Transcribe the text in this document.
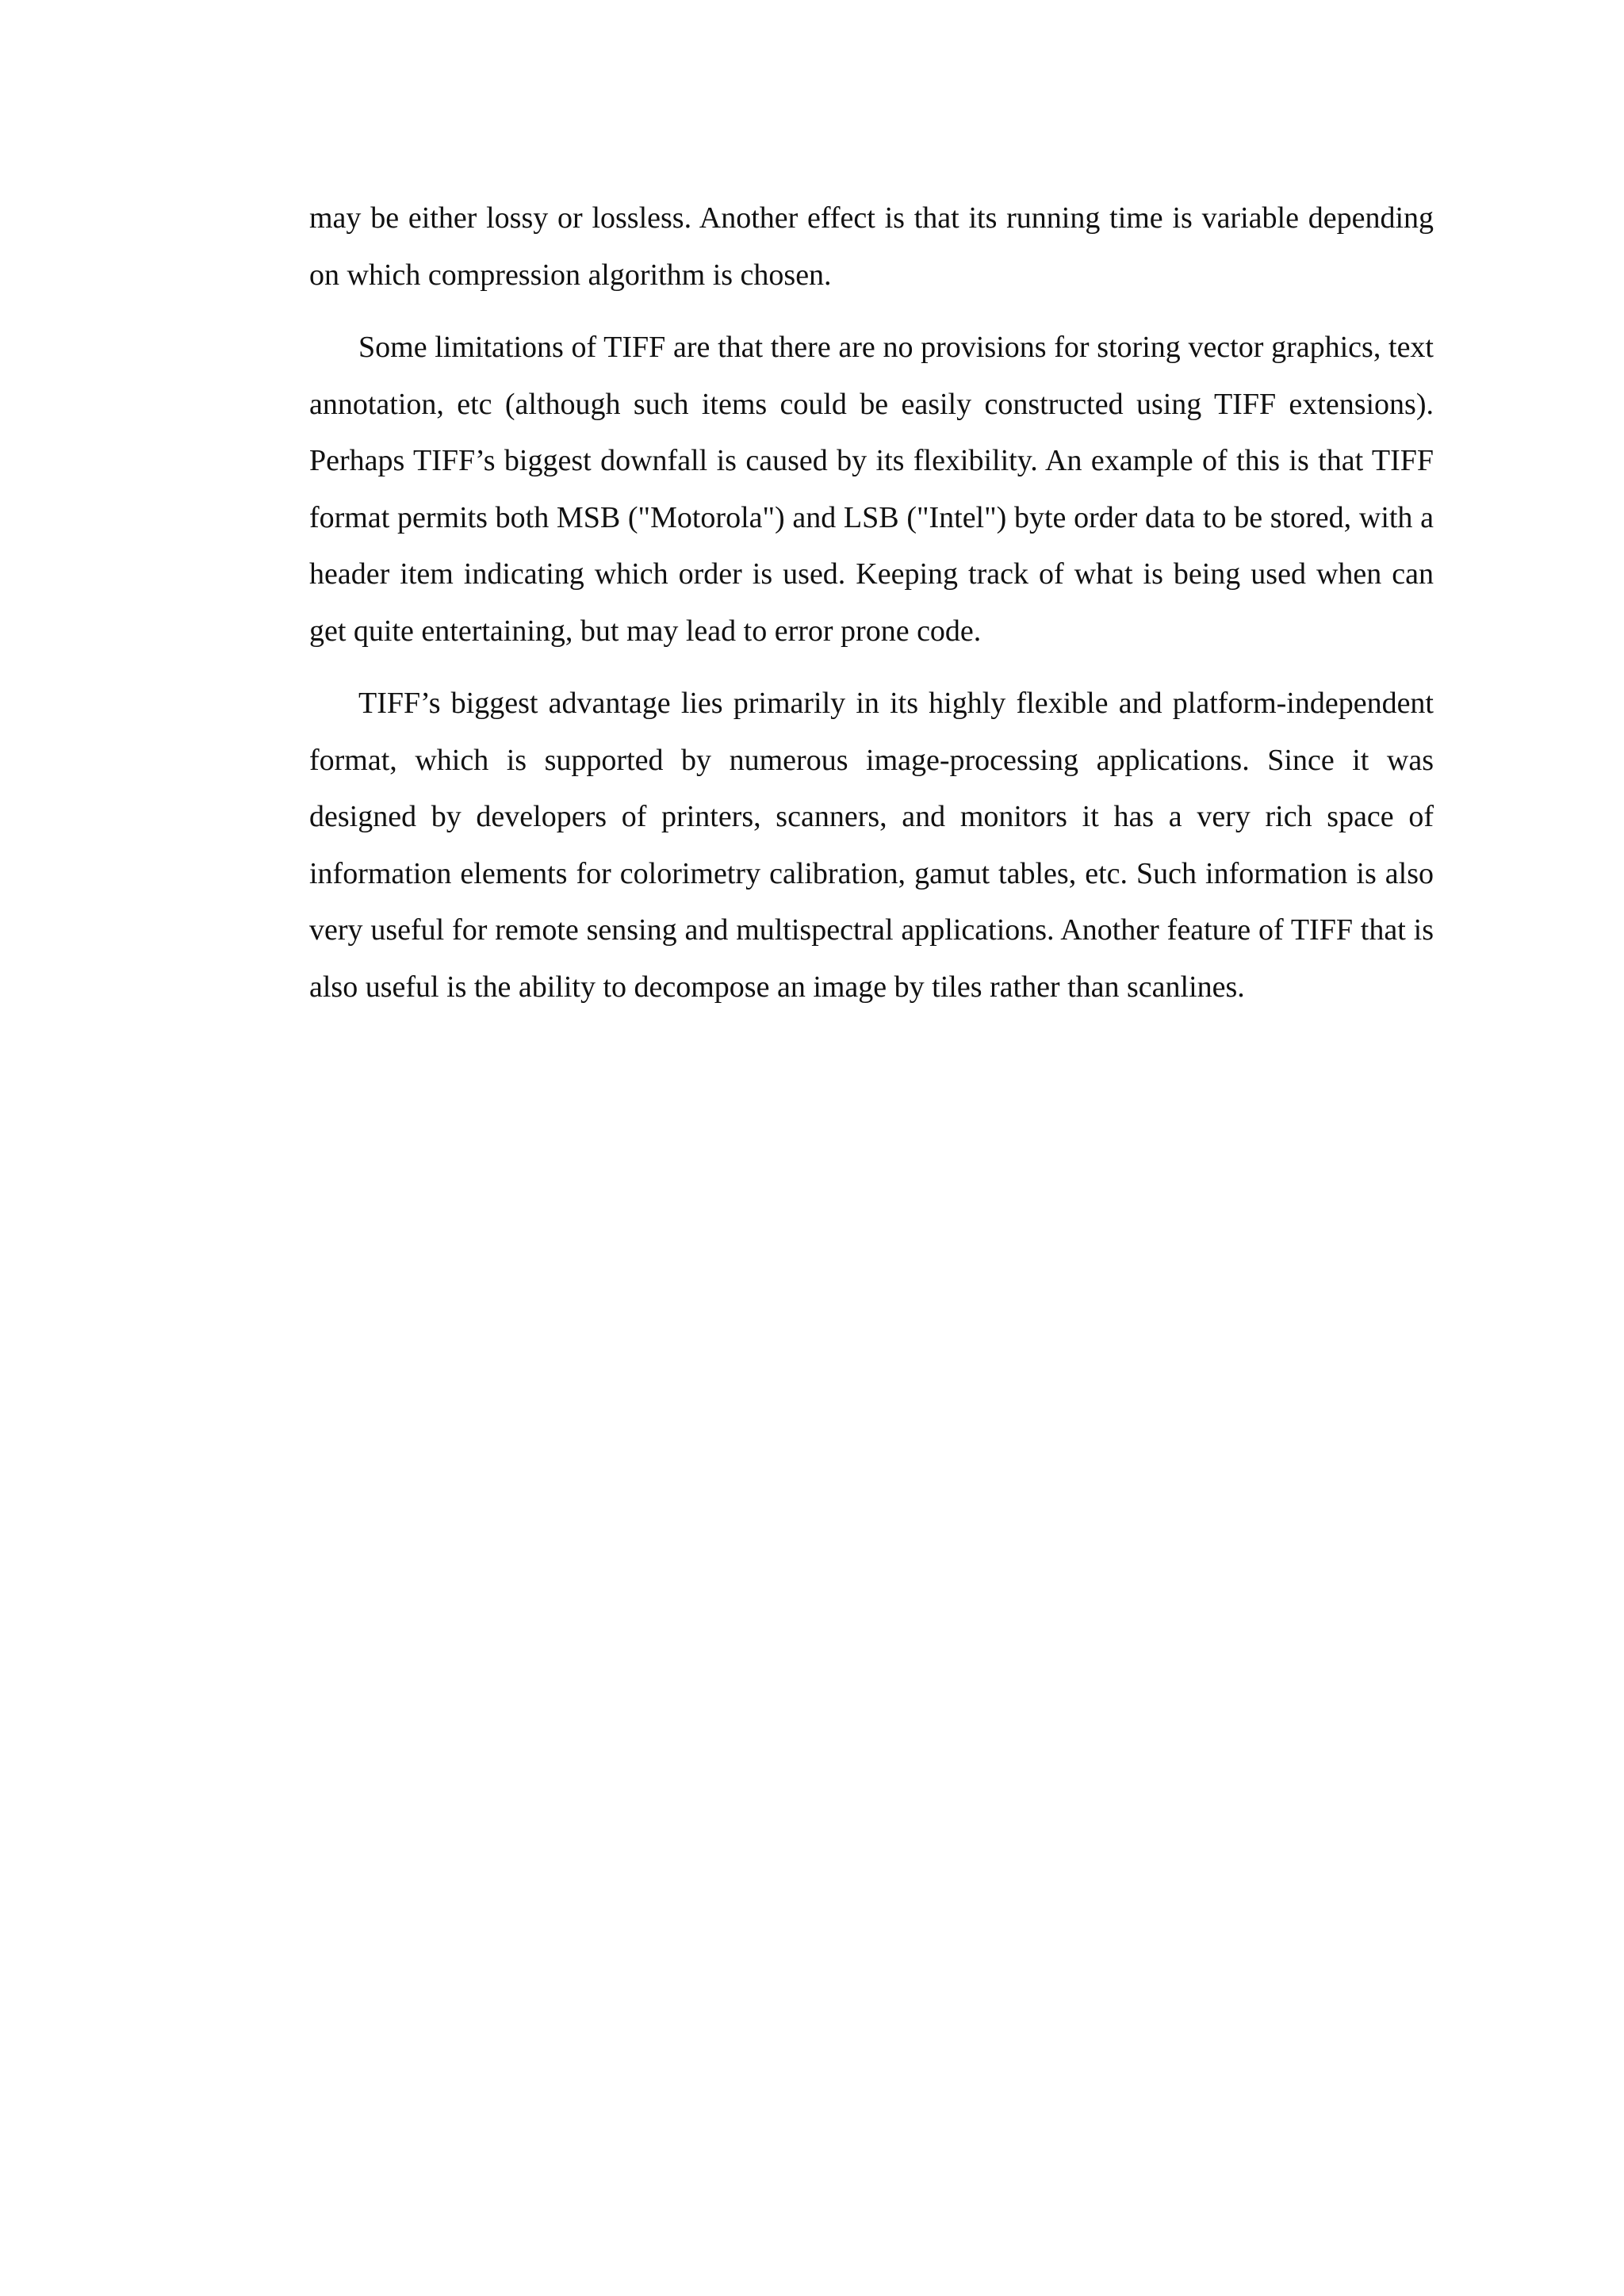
may be either lossy or lossless. Another effect is that its running time is variable depending on which compression algorithm is chosen.

Some limitations of TIFF are that there are no provisions for storing vector graphics, text annotation, etc (although such items could be easily constructed using TIFF extensions). Perhaps TIFF’s biggest downfall is caused by its flexibility. An example of this is that TIFF format permits both MSB ("Motorola") and LSB ("Intel") byte order data to be stored, with a header item indicating which order is used. Keeping track of what is being used when can get quite entertaining, but may lead to error prone code.

TIFF’s biggest advantage lies primarily in its highly flexible and platform-independent format, which is supported by numerous image-processing applications. Since it was designed by developers of printers, scanners, and monitors it has a very rich space of information elements for colorimetry calibration, gamut tables, etc. Such information is also very useful for remote sensing and multispectral applications. Another feature of TIFF that is also useful is the ability to decompose an image by tiles rather than scanlines.
